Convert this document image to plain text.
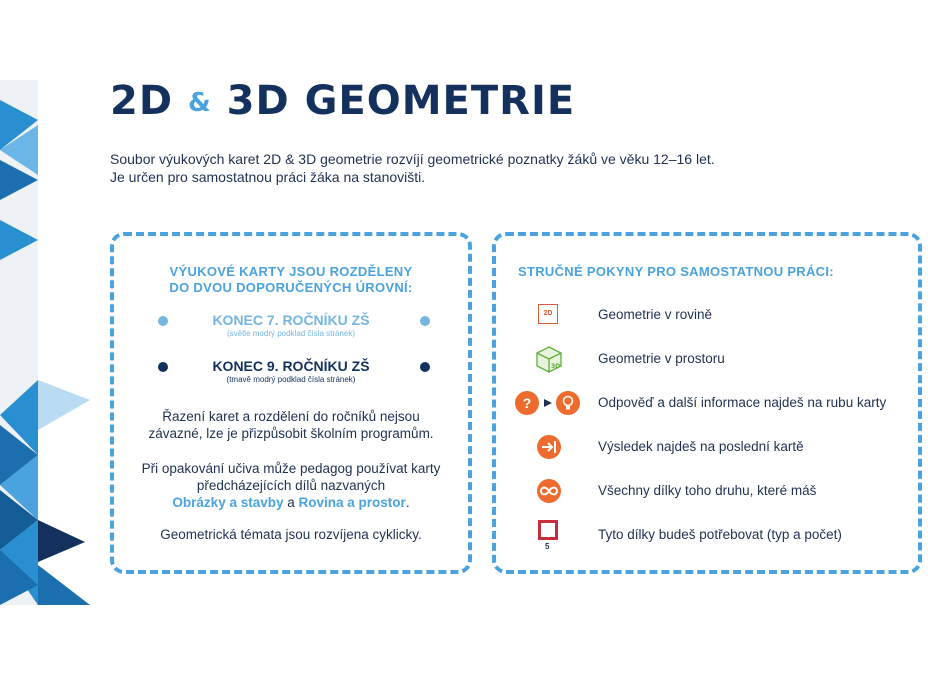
2D & 3D GEOMETRIE
Soubor výukových karet 2D & 3D geometrie rozvíjí geometrické poznatky žáků ve věku 12–16 let.
Je určen pro samostatnou práci žáka na stanovišti.
VÝUKOVÉ KARTY JSOU ROZDĚLENY
DO DVOU DOPORUČENÝCH ÚROVNÍ:
KONEC 7. ROČNÍKU ZŠ
(světle modrý podklad čísla stránek)
KONEC 9. ROČNÍKU ZŠ
(tmavě modrý podklad čísla stránek)
Řazení karet a rozdělení do ročníků nejsou
závazné, lze je přizpůsobit školním programům.
Při opakování učiva může pedagog používat karty
předcházejících dílů nazvaných
Obrázky a stavby a Rovina a prostor.
Geometrická témata jsou rozvíjena cyklicky.
STRUČNÉ POKYNY PRO SAMOSTATNOU PRÁCI:
2D	Geometrie v rovině
3D
Geometrie v prostoru
?	Odpověď a další informace najdeš na rubu karty
Výsledek najdeš na poslední kartě
Všechny dílky toho druhu, které máš
5
Tyto dílky budeš potřebovat (typ a počet)
